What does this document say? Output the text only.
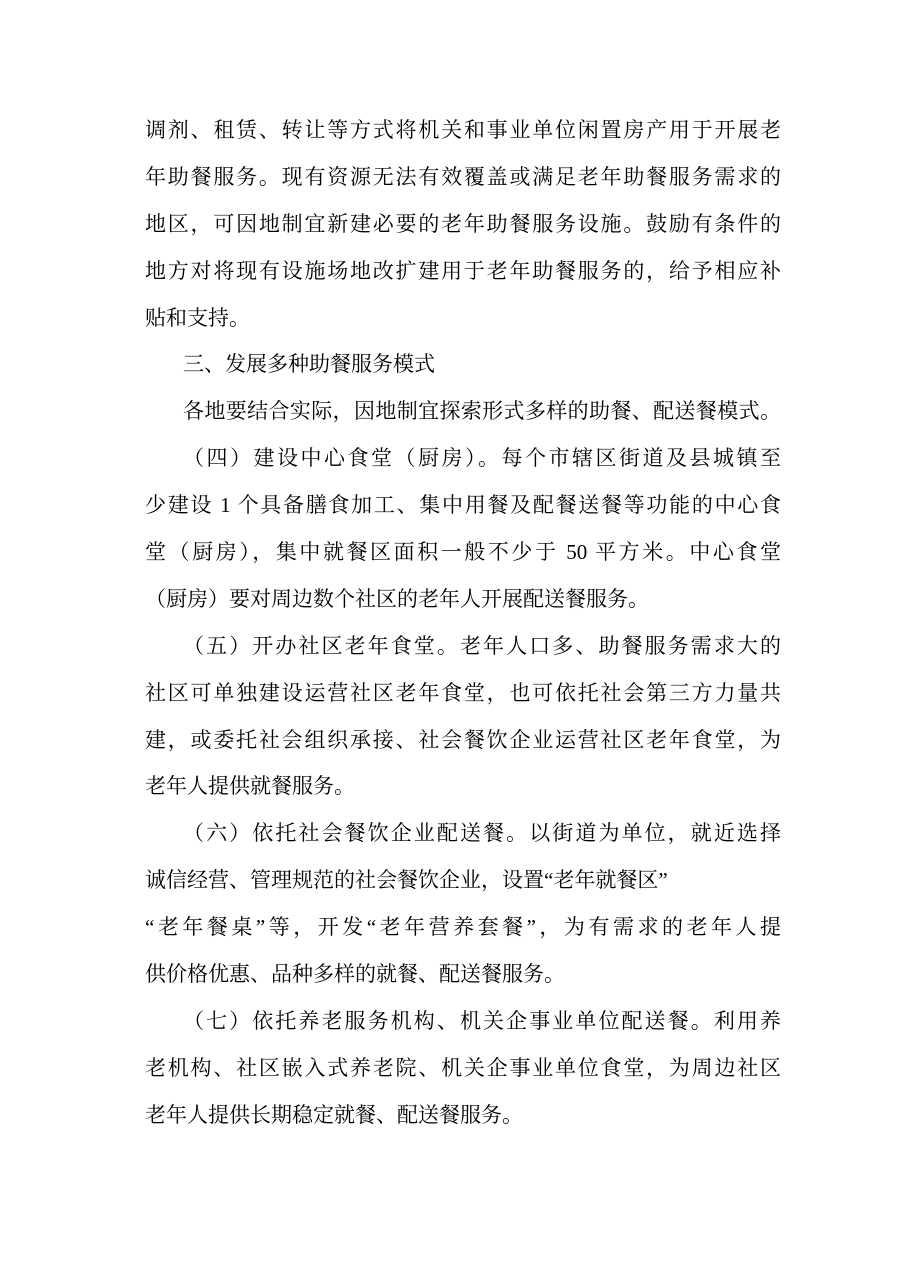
调剂、租赁、转让等方式将机关和事业单位闲置房产用于开展老
年助餐服务。现有资源无法有效覆盖或满足老年助餐服务需求的
地区，可因地制宜新建必要的老年助餐服务设施。鼓励有条件的
地方对将现有设施场地改扩建用于老年助餐服务的，给予相应补
贴和支持。
三、发展多种助餐服务模式
各地要结合实际，因地制宜探索形式多样的助餐、配送餐模式。
（四）建设中心食堂（厨房）。每个市辖区街道及县城镇至
少建设 1 个具备膳食加工、集中用餐及配餐送餐等功能的中心食
堂（厨房），集中就餐区面积一般不少于 50 平方米。中心食堂
（厨房）要对周边数个社区的老年人开展配送餐服务。
（五）开办社区老年食堂。老年人口多、助餐服务需求大的
社区可单独建设运营社区老年食堂，也可依托社会第三方力量共
建，或委托社会组织承接、社会餐饮企业运营社区老年食堂，为
老年人提供就餐服务。
（六）依托社会餐饮企业配送餐。以街道为单位，就近选择
诚信经营、管理规范的社会餐饮企业，设置“老年就餐区”
“老年餐桌”等，开发“老年营养套餐”，为有需求的老年人提
供价格优惠、品种多样的就餐、配送餐服务。
（七）依托养老服务机构、机关企事业单位配送餐。利用养
老机构、社区嵌入式养老院、机关企事业单位食堂，为周边社区
老年人提供长期稳定就餐、配送餐服务。
